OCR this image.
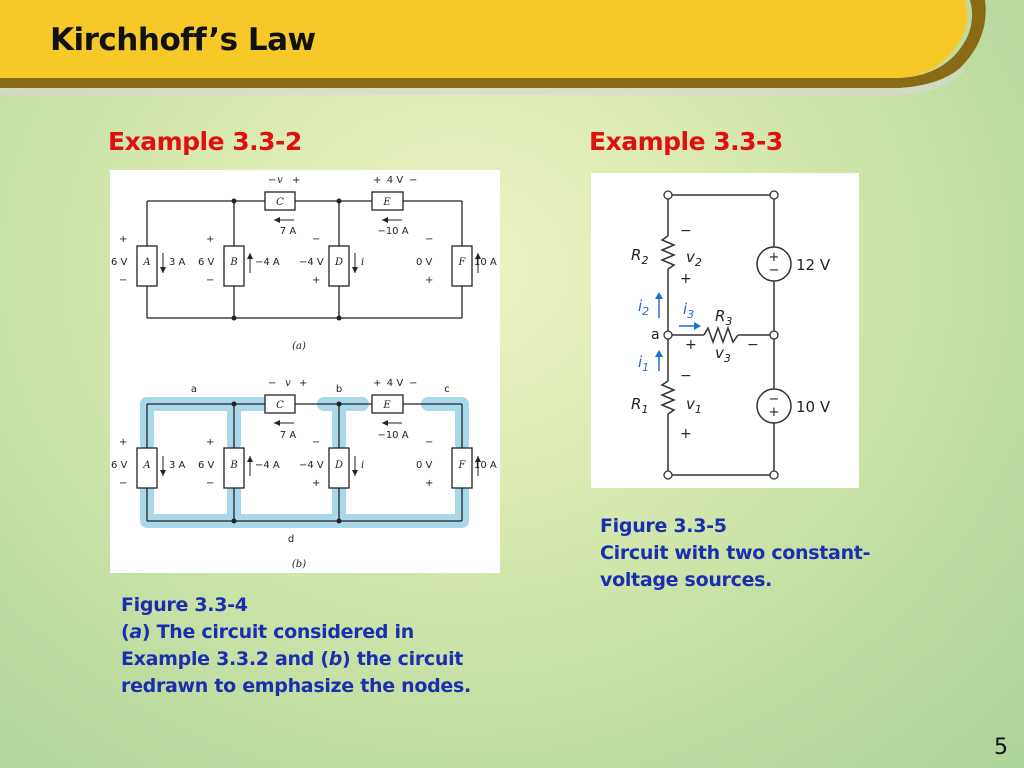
Kirchhoff’s Law
Example 3.3-2
C	E
A	B	D	F
− v +	+ 4 V −
7 A	−10 A
+
−
6 V	3 A
+
−
6 V	−4 A
−
+
−4 V	i
−
+
0 V	10 A
(a)
a	b	c
d
C	E
A	B	D	F
− v +	+ 4 V −
7 A	−10 A
+
−
6 V	3 A
+
−
6 V	−4 A
−
+
−4 V	i
−
+
0 V	10 A
(b)
Figure 3.3-4
(a) The circuit considered in
Example 3.3.2 and (b) the circuit
redrawn to emphasize the nodes.
Example 3.3-3
+
−
−
+
12 V
10 V
−
+
−
+
+	−
$R_2$	$v_2$
$R_1$	$v_1$
$R_3$
$v_3$
a
$i_2$
$i_1$
$i_3$
Figure 3.3-5
Circuit with two constant-
voltage sources.
5
